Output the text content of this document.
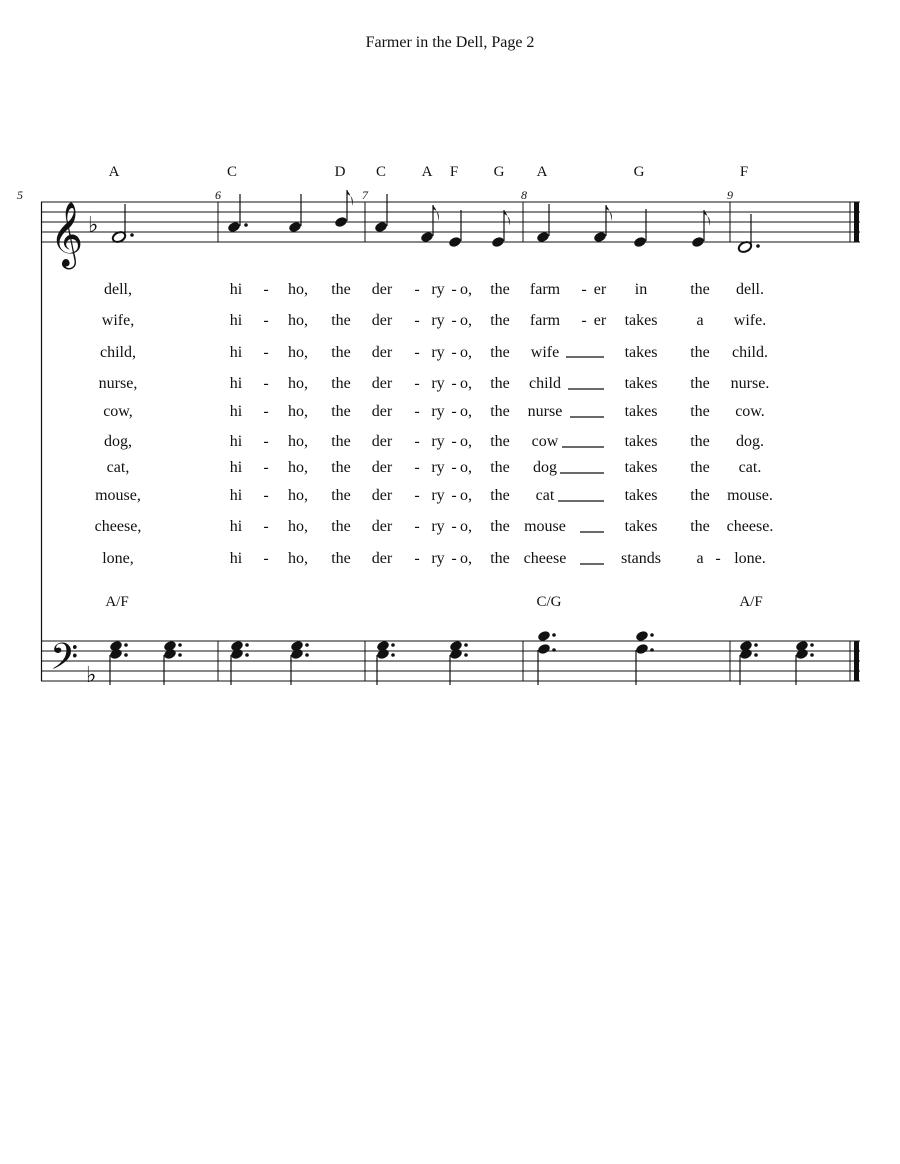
Farmer in the Dell, Page 2
A	C	D C A F G A	G	F
5	6	7	8	9
𝄞 ♭
𝄢 ♭
A/F	C/G	A/F
dell,	hi - ho, the der - ry - o, the farm - er in	the dell.
wife,	hi - ho, the der - ry - o, the farm - er takes a wife.
child,	hi - ho, the der - ry - o, the wife	takes the child.
nurse,	hi - ho, the der - ry - o, the child	takes the nurse.
cow,	hi - ho, the der - ry - o, the nurse	takes the cow.
dog,	hi - ho, the der - ry - o, the cow	takes the dog.
cat,	hi - ho, the der - ry - o, the dog	takes the cat.
mouse,	hi - ho, the der - ry - o, the cat	takes the mouse.
cheese,	hi - ho, the der - ry - o, the mouse	takes the cheese.
lone,	hi - ho, the der - ry - o, the cheese	stands a - lone.
